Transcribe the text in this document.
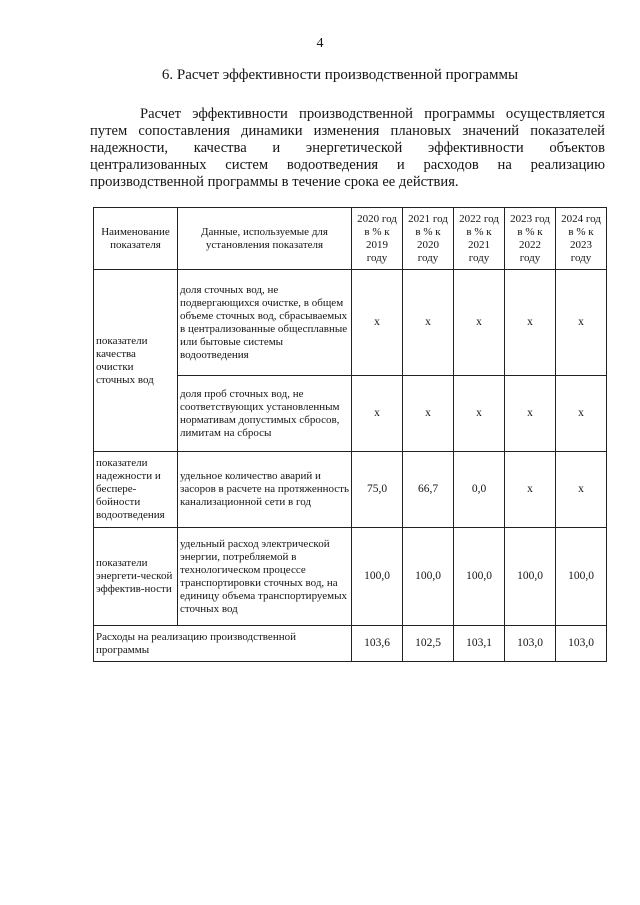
4
6. Расчет эффективности производственной программы

Расчет эффективности производственной программы осуществляется путем сопоставления динамики изменения плановых значений показателей надежности, качества и энергетической эффективности объектов централизованных систем водоотведения и расходов на реализацию производственной программы в течение срока ее действия.

Наименование показателя	Данные, используемые для установления показателя	2020 год
в % к
2019
году	2021 год
в % к
2020
году	2022 год
в % к
2021
году	2023 год
в % к
2022
году	2024 год
в % к
2023
году

показатели качества очистки сточных вод	доля сточных вод, не подвергающихся очистке, в общем объеме сточных вод, сбрасываемых в централизованные общесплавные или бытовые системы водоотведения	х	х	х	х	х
	доля проб сточных вод, не соответствующих установленным нормативам допустимых сбросов, лимитам на сбросы	х	х	х	х	х
показатели надежности и беспере-бойности водоотведения	удельное количество аварий и засоров в расчете на протяженность канализационной сети в год	75,0	66,7	0,0	х	х
показатели энергети-ческой эффектив-ности	удельный расход электрической энергии, потребляемой в технологическом процессе транспортировки сточных вод, на единицу объема транспортируемых сточных вод	100,0	100,0	100,0	100,0	100,0
Расходы на реализацию производственной программы		103,6	102,5	103,1	103,0	103,0
